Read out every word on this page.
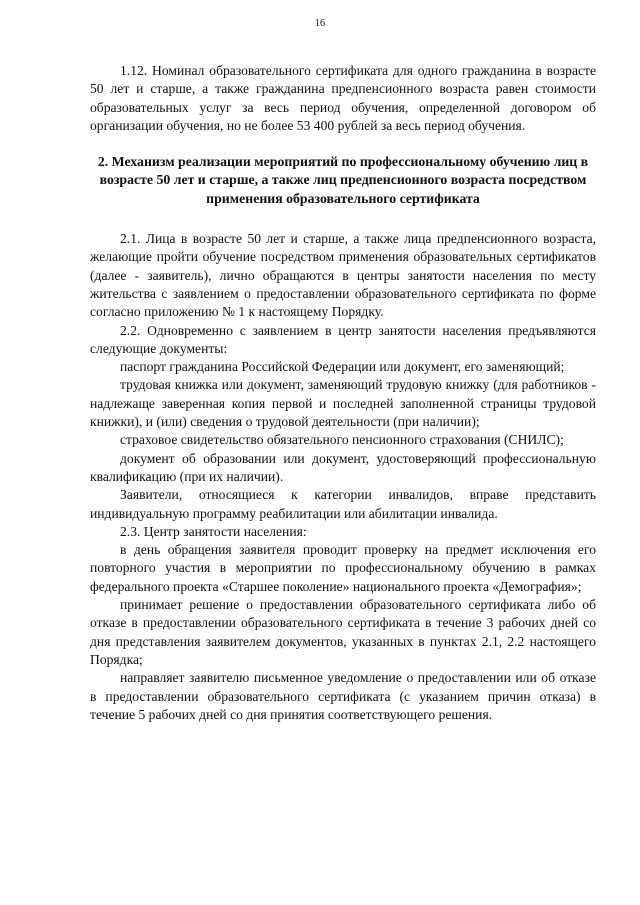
16

1.12. Номинал образовательного сертификата для одного гражданина в возрасте 50 лет и старше, а также гражданина предпенсионного возраста равен стоимости образовательных услуг за весь период обучения, определенной договором об организации обучения, но не более 53 400 рублей за весь период обучения.

2. Механизм реализации мероприятий по профессиональному обучению лиц в возрасте 50 лет и старше, а также лиц предпенсионного возраста посредством применения образовательного сертификата

2.1. Лица в возрасте 50 лет и старше, а также лица предпенсионного возраста, желающие пройти обучение посредством применения образовательных сертификатов (далее - заявитель), лично обращаются в центры занятости населения по месту жительства с заявлением о предоставлении образовательного сертификата по форме согласно приложению № 1 к настоящему Порядку.

2.2. Одновременно с заявлением в центр занятости населения предъявляются следующие документы:

паспорт гражданина Российской Федерации или документ, его заменяющий;

трудовая книжка или документ, заменяющий трудовую книжку (для работников - надлежаще заверенная копия первой и последней заполненной страницы трудовой книжки), и (или) сведения о трудовой деятельности (при наличии);

страховое свидетельство обязательного пенсионного страхования (СНИЛС);

документ об образовании или документ, удостоверяющий профессиональную квалификацию (при их наличии).

Заявители, относящиеся к категории инвалидов, вправе представить индивидуальную программу реабилитации или абилитации инвалида.

2.3. Центр занятости населения:

в день обращения заявителя проводит проверку на предмет исключения его повторного участия в мероприятии по профессиональному обучению в рамках федерального проекта «Старшее поколение» национального проекта «Демография»;

принимает решение о предоставлении образовательного сертификата либо об отказе в предоставлении образовательного сертификата в течение 3 рабочих дней со дня представления заявителем документов, указанных в пунктах 2.1, 2.2 настоящего Порядка;

направляет заявителю письменное уведомление о предоставлении или об отказе в предоставлении образовательного сертификата (с указанием причин отказа) в течение 5 рабочих дней со дня принятия соответствующего решения.
